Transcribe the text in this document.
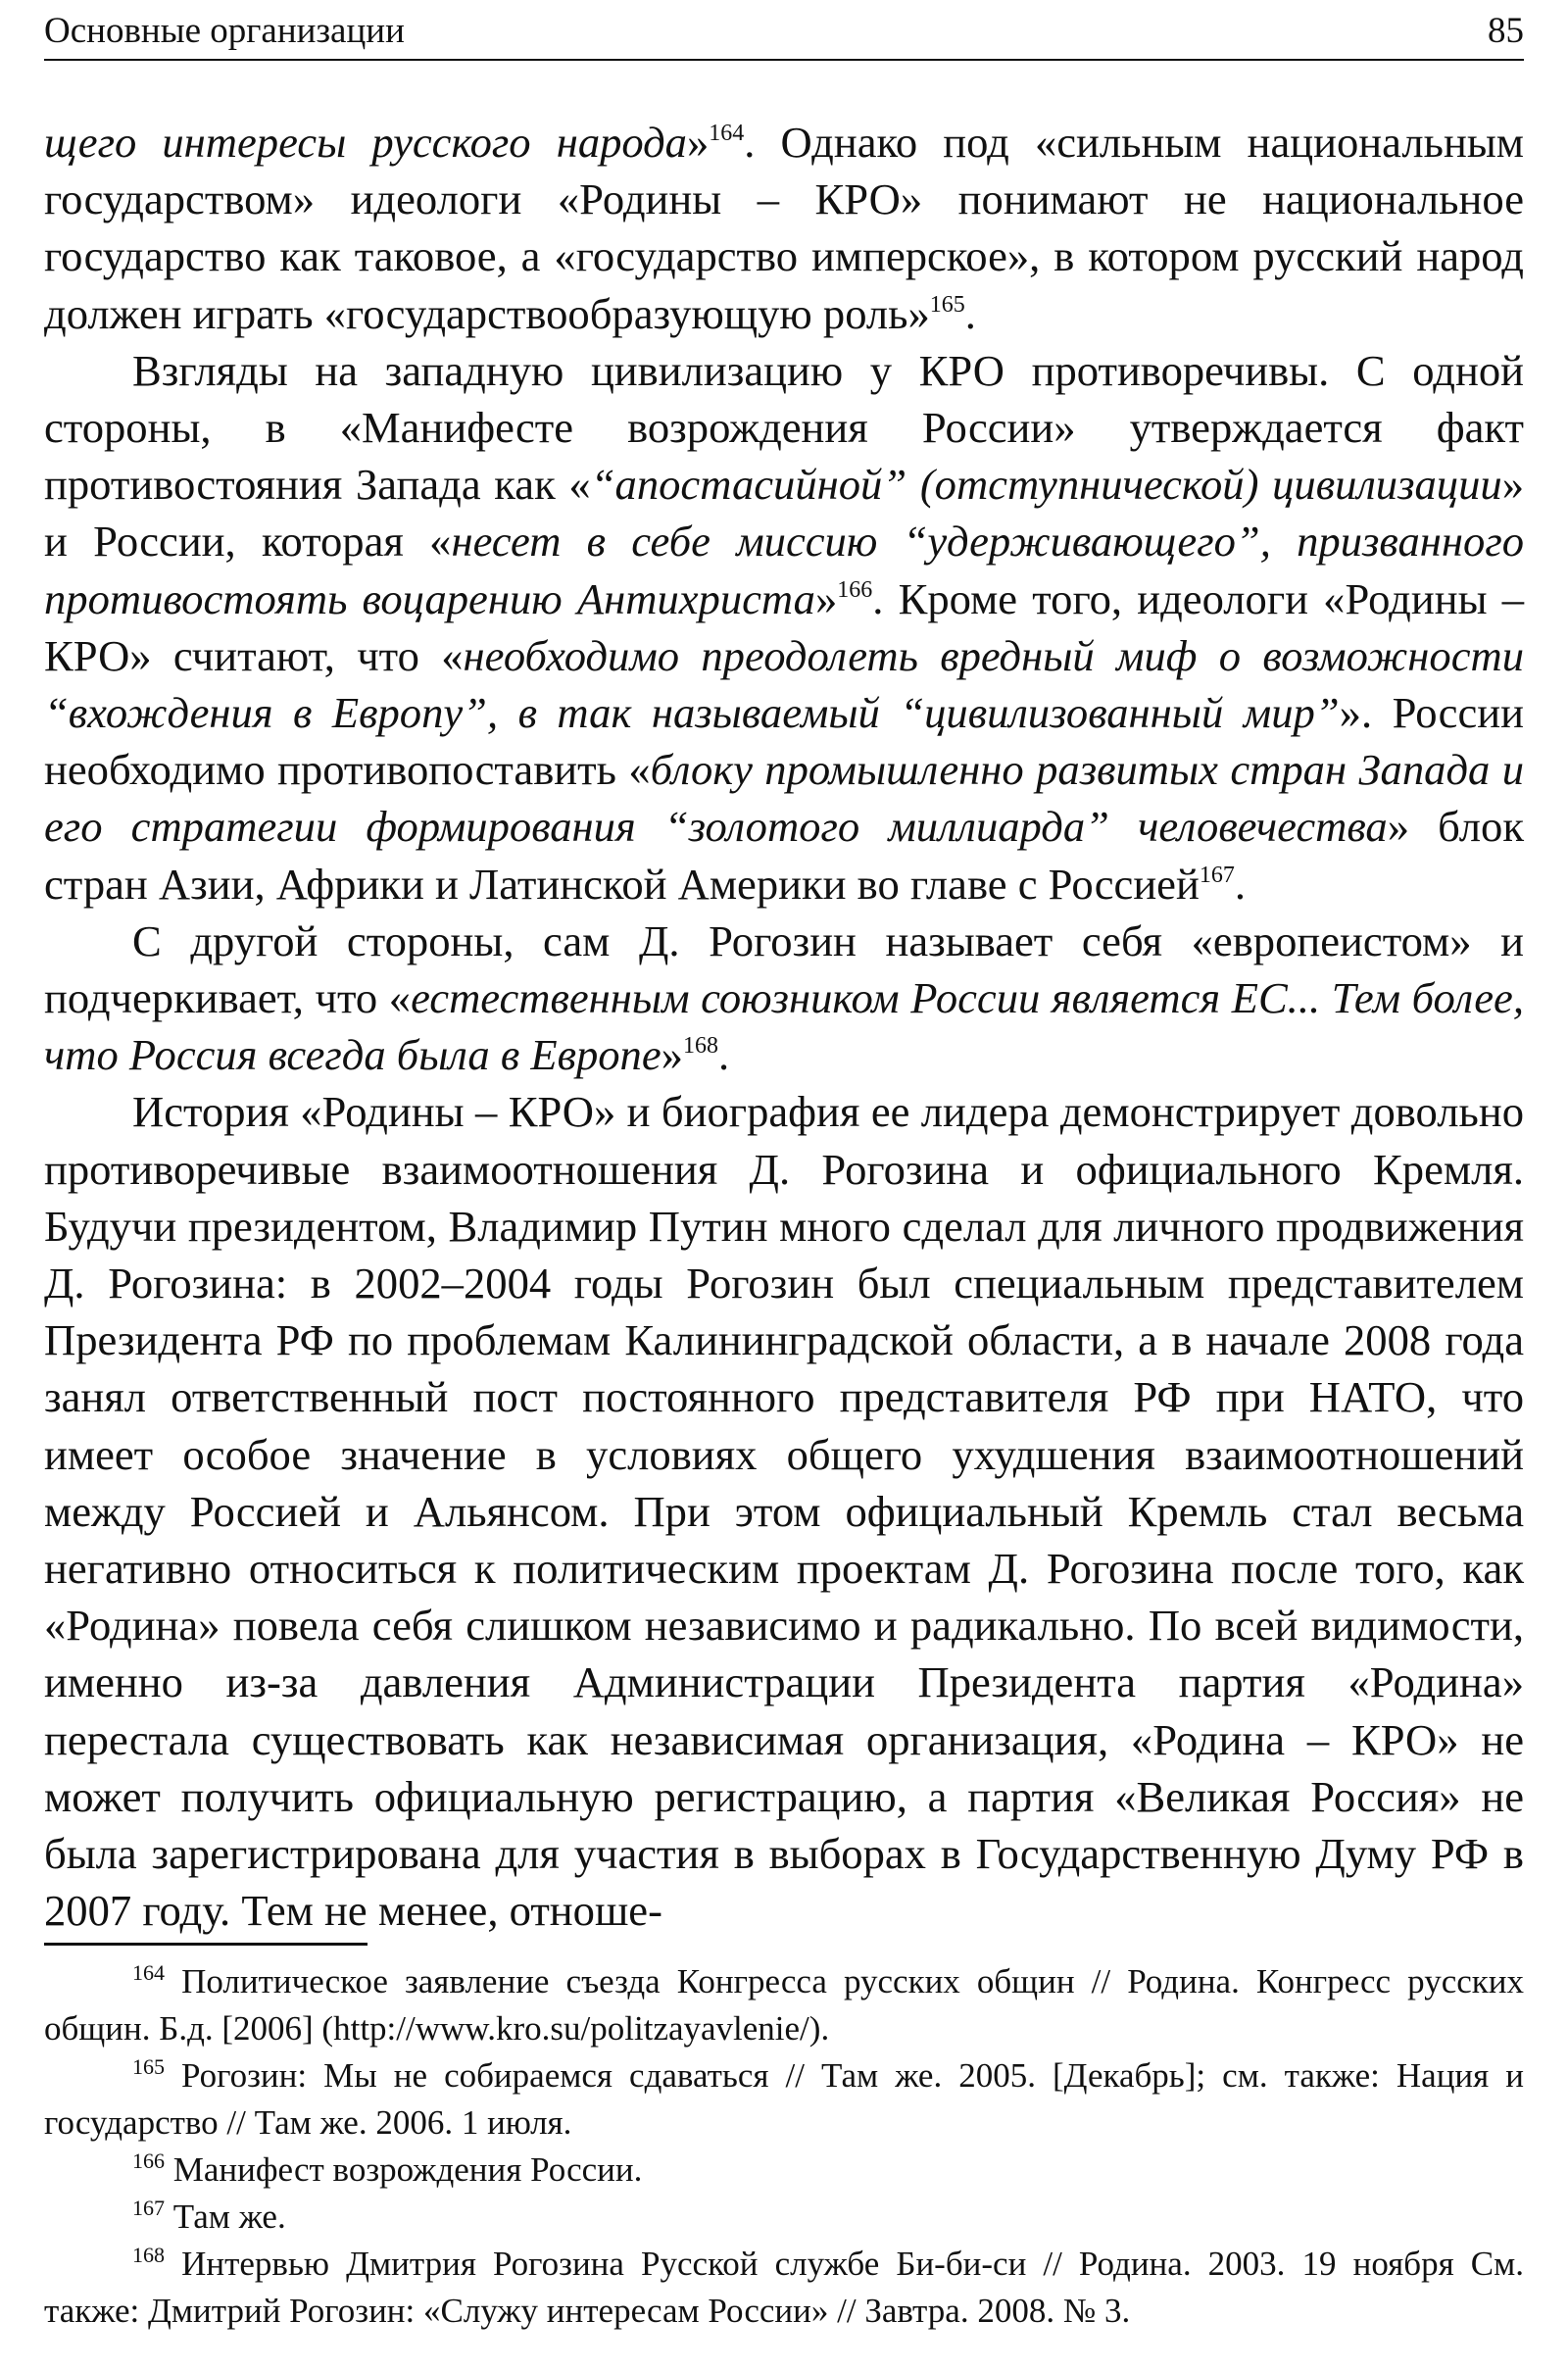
Основные организации	85

щего интересы русского народа»$^{164}$. Однако под «сильным национальным государством» идеологи «Родины – КРО» понимают не национальное государство как таковое, а «государство имперское», в котором русский народ должен играть «государствообразующую роль»$^{165}$.

Взгляды на западную цивилизацию у КРО противоречивы. С одной стороны, в «Манифесте возрождения России» утверждается факт противостояния Запада как «“апостасийной” (отступнической) цивилизации» и России, которая «несет в себе миссию “удерживающего”, призванного противостоять воцарению Антихриста»$^{166}$. Кроме того, идеологи «Родины – КРО» считают, что «необходимо преодолеть вредный миф о возможности “вхождения в Европу”, в так называемый “цивилизованный мир”». России необходимо противопоставить «блоку промышленно развитых стран Запада и его стратегии формирования “золотого миллиарда” человечества» блок стран Азии, Африки и Латинской Америки во главе с Россией$^{167}$.

С другой стороны, сам Д. Рогозин называет себя «европеистом» и подчеркивает, что «естественным союзником России является ЕС... Тем более, что Россия всегда была в Европе»$^{168}$.

История «Родины – КРО» и биография ее лидера демонстрирует довольно противоречивые взаимоотношения Д. Рогозина и официального Кремля. Будучи президентом, Владимир Путин много сделал для личного продвижения Д. Рогозина: в 2002–2004 годы Рогозин был специальным представителем Президента РФ по проблемам Калининградской области, а в начале 2008 года занял ответственный пост постоянного представителя РФ при НАТО, что имеет особое значение в условиях общего ухудшения взаимоотношений между Россией и Альянсом. При этом официальный Кремль стал весьма негативно относиться к политическим проектам Д. Рогозина после того, как «Родина» повела себя слишком независимо и радикально. По всей видимости, именно из-за давления Администрации Президента партия «Родина» перестала существовать как независимая организация, «Родина – КРО» не может получить официальную регистрацию, а партия «Великая Россия» не была зарегистрирована для участия в выборах в Государственную Думу РФ в 2007 году. Тем не менее, отноше-

$^{164}$ Политическое заявление съезда Конгресса русских общин // Родина. Конгресс русских общин. Б.д. [2006] (http://www.kro.su/politzayavlenie/).

$^{165}$ Рогозин: Мы не собираемся сдаваться // Там же. 2005. [Декабрь]; см. также: Нация и государство // Там же. 2006. 1 июля.

$^{166}$ Манифест возрождения России.

$^{167}$ Там же.

$^{168}$ Интервью Дмитрия Рогозина Русской службе Би-би-си // Родина. 2003. 19 ноября См. также: Дмитрий Рогозин: «Служу интересам России» // Завтра. 2008. № 3.
